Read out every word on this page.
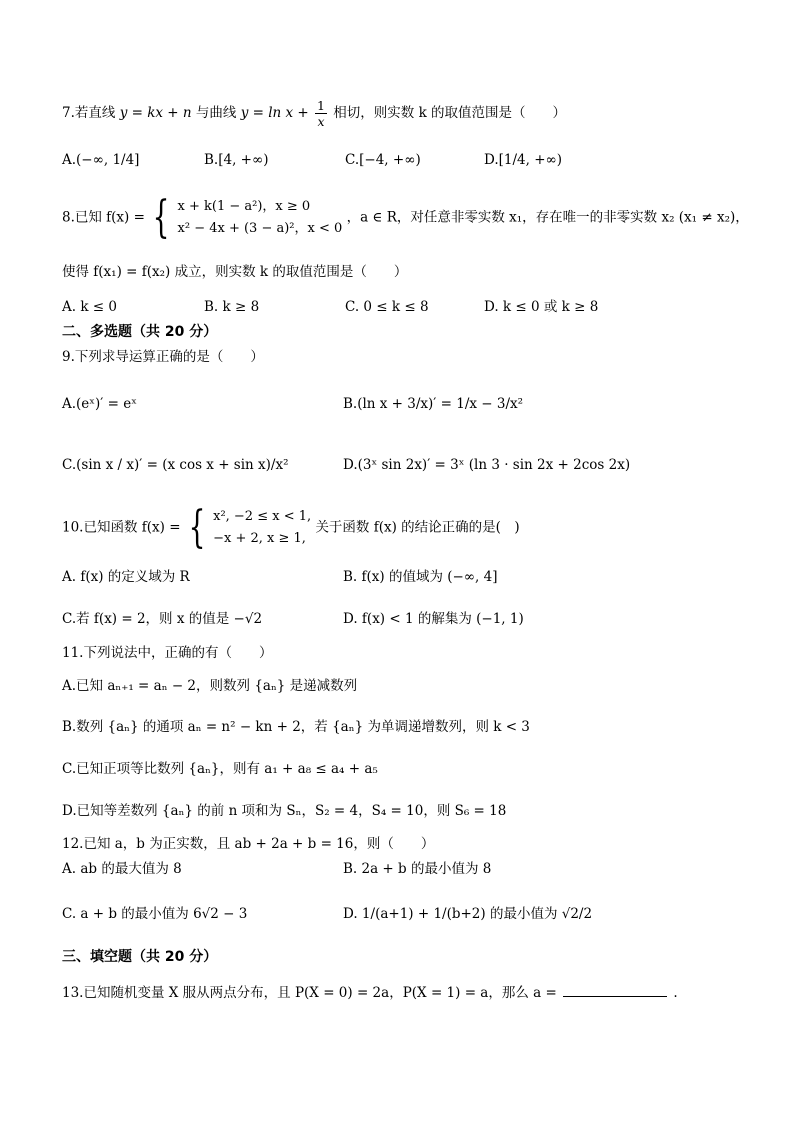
7.若直线 y = kx + n 与曲线 $y = \ln x + \frac{1}{x}$ 相切，则实数 k 的取值范围是（　　）
A.(−∞, 1/4]	B.[4, +∞)	C.[−4, +∞)	D.[1/4, +∞)
8.已知 f(x) = { x + k(1 − a²)，x ≥ 0
x² − 4x + (3 − a)²，x < 0
，a ∈ R，对任意非零实数 x₁，存在唯一的非零实数 x₂ (x₁ ≠ x₂)，
使得 f(x₁) = f(x₂) 成立，则实数 k 的取值范围是（　　）
A. k ≤ 0	B. k ≥ 8	C. 0 ≤ k ≤ 8	D. k ≤ 0 或 k ≥ 8
二、多选题（共 20 分）
9.下列求导运算正确的是（　　）
A.(eˣ)′ = eˣ	B.(ln x + 3/x)′ = 1/x − 3/x²
C.(sin x / x)′ = (x cos x + sin x)/x²	D.(3ˣ sin 2x)′ = 3ˣ (ln 3 · sin 2x + 2cos 2x)
10.已知函数 f(x) = { x², −2 ≤ x < 1,
−x + 2, x ≥ 1,
关于函数 f(x) 的结论正确的是(　)
A. f(x) 的定义域为 R	B. f(x) 的值域为 (−∞, 4]
C.若 f(x) = 2，则 x 的值是 −√2	D. f(x) < 1 的解集为 (−1, 1)
11.下列说法中，正确的有（　　）
A.已知 aₙ₊₁ = aₙ − 2，则数列 {aₙ} 是递减数列
B.数列 {aₙ} 的通项 aₙ = n² − kn + 2，若 {aₙ} 为单调递增数列，则 k < 3
C.已知正项等比数列 {aₙ}，则有 a₁ + a₈ ≤ a₄ + a₅
D.已知等差数列 {aₙ} 的前 n 项和为 Sₙ，S₂ = 4，S₄ = 10，则 S₆ = 18
12.已知 a，b 为正实数，且 ab + 2a + b = 16，则（　　）
A. ab 的最大值为 8	B. 2a + b 的最小值为 8
C. a + b 的最小值为 6√2 − 3	D. 1/(a+1) + 1/(b+2) 的最小值为 √2/2
三、填空题（共 20 分）
13.已知随机变量 X 服从两点分布，且 P(X = 0) = 2a，P(X = 1) = a，那么 a =	.
